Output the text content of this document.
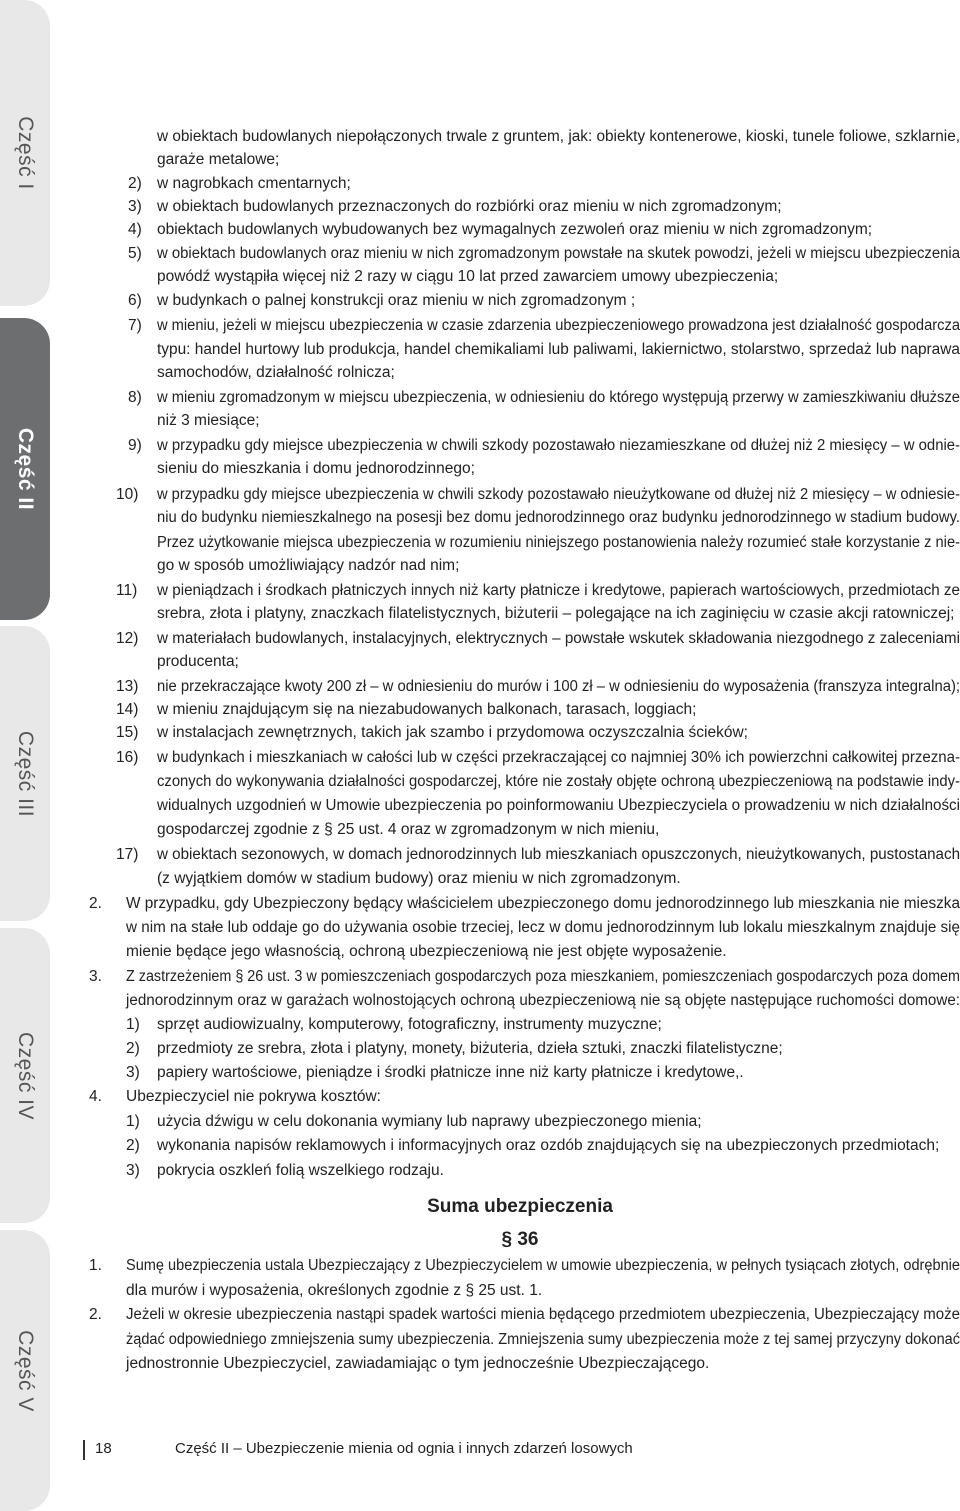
Część I
Część II
Część III
Część IV
Część V
w obiektach budowlanych niepołączonych trwale z gruntem, jak: obiekty kontenerowe, kioski, tunele foliowe, szklarnie,
garaże metalowe;
2) w nagrobkach cmentarnych;
3) w obiektach budowlanych przeznaczonych do rozbiórki oraz mieniu w nich zgromadzonym;
4) obiektach budowlanych wybudowanych bez wymagalnych zezwoleń oraz mieniu w nich zgromadzonym;
5) w obiektach budowlanych oraz mieniu w nich zgromadzonym powstałe na skutek powodzi, jeżeli w miejscu ubezpieczenia
powódź wystąpiła więcej niż 2 razy w ciągu 10 lat przed zawarciem umowy ubezpieczenia;
6) w budynkach o palnej konstrukcji oraz mieniu w nich zgromadzonym ;
7) w mieniu, jeżeli w miejscu ubezpieczenia w czasie zdarzenia ubezpieczeniowego prowadzona jest działalność gospodarcza
typu: handel hurtowy lub produkcja, handel chemikaliami lub paliwami, lakiernictwo, stolarstwo, sprzedaż lub naprawa
samochodów, działalność rolnicza;
8) w mieniu zgromadzonym w miejscu ubezpieczenia, w odniesieniu do którego występują przerwy w zamieszkiwaniu dłuższe
niż 3 miesiące;
9) w przypadku gdy miejsce ubezpieczenia w chwili szkody pozostawało niezamieszkane od dłużej niż 2 miesięcy – w odnie-
sieniu do mieszkania i domu jednorodzinnego;
10) w przypadku gdy miejsce ubezpieczenia w chwili szkody pozostawało nieużytkowane od dłużej niż 2 miesięcy – w odniesie-
niu do budynku niemieszkalnego na posesji bez domu jednorodzinnego oraz budynku jednorodzinnego w stadium budowy.
Przez użytkowanie miejsca ubezpieczenia w rozumieniu niniejszego postanowienia należy rozumieć stałe korzystanie z nie-
go w sposób umożliwiający nadzór nad nim;
11) w pieniądzach i środkach płatniczych innych niż karty płatnicze i kredytowe, papierach wartościowych, przedmiotach ze
srebra, złota i platyny, znaczkach filatelistycznych, biżuterii – polegające na ich zaginięciu w czasie akcji ratowniczej;
12) w materiałach budowlanych, instalacyjnych, elektrycznych – powstałe wskutek składowania niezgodnego z zaleceniami
producenta;
13) nie przekraczające kwoty 200 zł – w odniesieniu do murów i 100 zł – w odniesieniu do wyposażenia (franszyza integralna);
14) w mieniu znajdującym się na niezabudowanych balkonach, tarasach, loggiach;
15) w instalacjach zewnętrznych, takich jak szambo i przydomowa oczyszczalnia ścieków;
16) w budynkach i mieszkaniach w całości lub w części przekraczającej co najmniej 30% ich powierzchni całkowitej przezna-
czonych do wykonywania działalności gospodarczej, które nie zostały objęte ochroną ubezpieczeniową na podstawie indy-
widualnych uzgodnień w Umowie ubezpieczenia po poinformowaniu Ubezpieczyciela o prowadzeniu w nich działalności
gospodarczej zgodnie z § 25 ust. 4 oraz w zgromadzonym w nich mieniu,
17) w obiektach sezonowych, w domach jednorodzinnych lub mieszkaniach opuszczonych, nieużytkowanych, pustostanach
(z wyjątkiem domów w stadium budowy) oraz mieniu w nich zgromadzonym.
2. W przypadku, gdy Ubezpieczony będący właścicielem ubezpieczonego domu jednorodzinnego lub mieszkania nie mieszka
w nim na stałe lub oddaje go do używania osobie trzeciej, lecz w domu jednorodzinnym lub lokalu mieszkalnym znajduje się
mienie będące jego własnością, ochroną ubezpieczeniową nie jest objęte wyposażenie.
3. Z zastrzeżeniem § 26 ust. 3 w pomieszczeniach gospodarczych poza mieszkaniem, pomieszczeniach gospodarczych poza domem
jednorodzinnym oraz w garażach wolnostojących ochroną ubezpieczeniową nie są objęte następujące ruchomości domowe:
1) sprzęt audiowizualny, komputerowy, fotograficzny, instrumenty muzyczne;
2) przedmioty ze srebra, złota i platyny, monety, biżuteria, dzieła sztuki, znaczki filatelistyczne;
3) papiery wartościowe, pieniądze i środki płatnicze inne niż karty płatnicze i kredytowe,.
4. Ubezpieczyciel nie pokrywa kosztów:
1) użycia dźwigu w celu dokonania wymiany lub naprawy ubezpieczonego mienia;
2) wykonania napisów reklamowych i informacyjnych oraz ozdób znajdujących się na ubezpieczonych przedmiotach;
3) pokrycia oszkleń folią wszelkiego rodzaju.
1. Sumę ubezpieczenia ustala Ubezpieczający z Ubezpieczycielem w umowie ubezpieczenia, w pełnych tysiącach złotych, odrębnie
dla murów i wyposażenia, określonych zgodnie z § 25 ust. 1.
2. Jeżeli w okresie ubezpieczenia nastąpi spadek wartości mienia będącego przedmiotem ubezpieczenia, Ubezpieczający może
żądać odpowiedniego zmniejszenia sumy ubezpieczenia. Zmniejszenia sumy ubezpieczenia może z tej samej przyczyny dokonać
jednostronnie Ubezpieczyciel, zawiadamiając o tym jednocześnie Ubezpieczającego.
Suma ubezpieczenia
§ 36
18	Część II – Ubezpieczenie mienia od ognia i innych zdarzeń losowych
